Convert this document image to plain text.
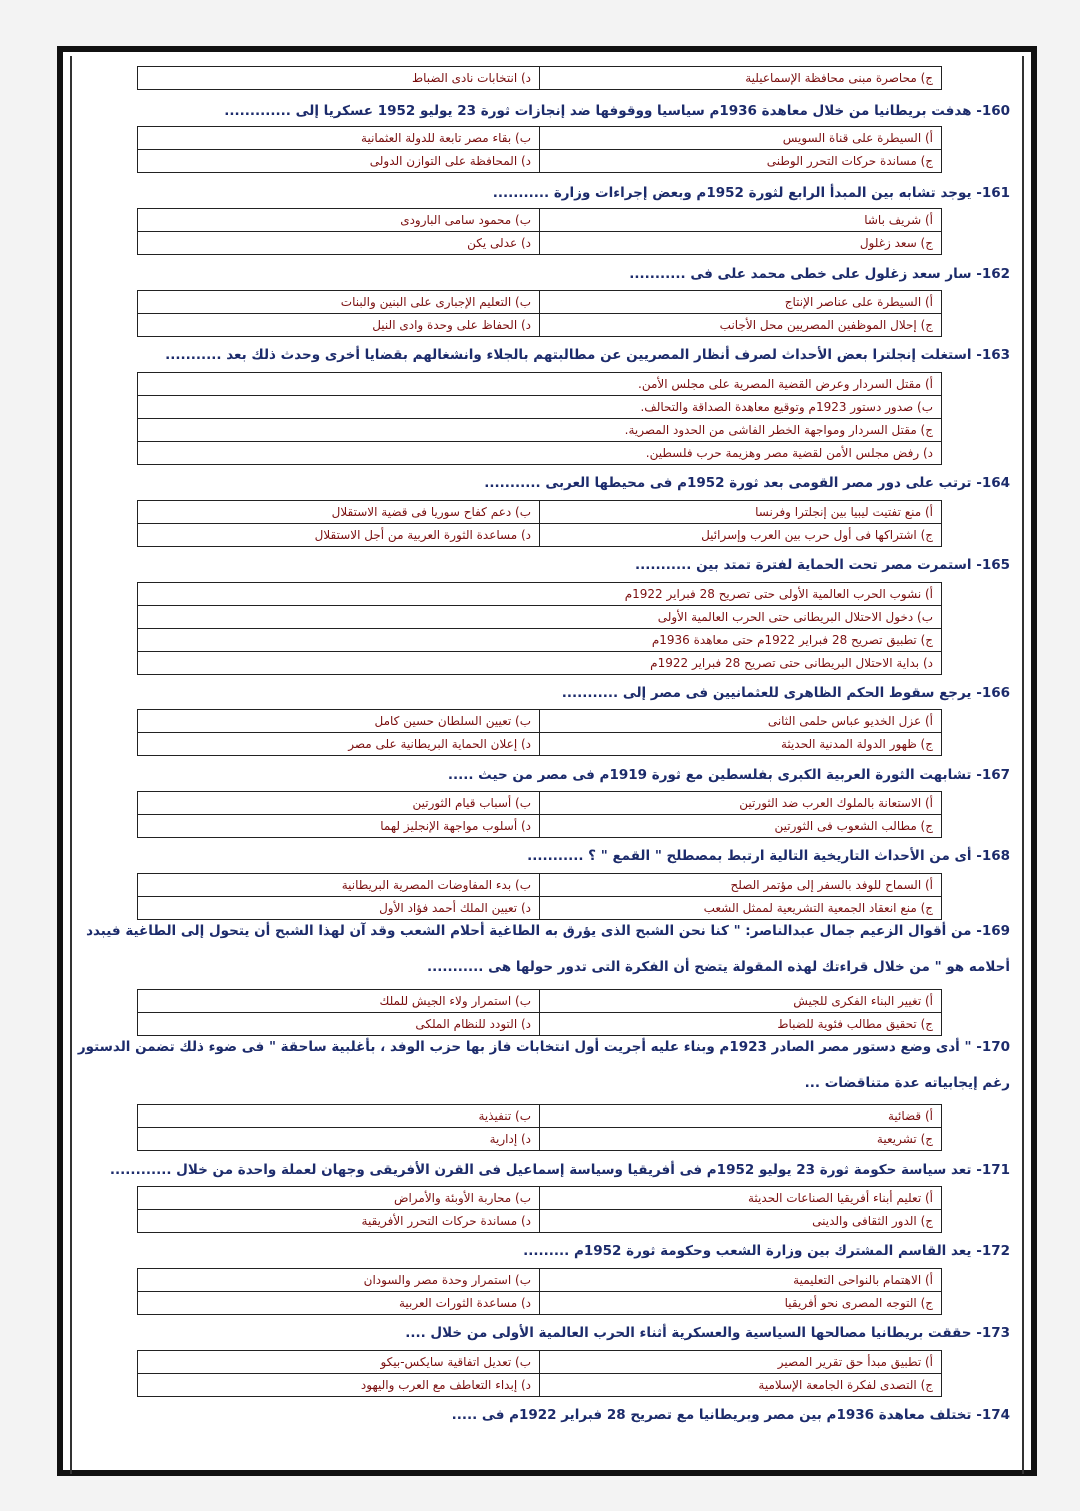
ج) محاصرة مبنى محافظة الإسماعيلية	د) انتخابات نادى الضباط
160- هدفت بريطانيا من خلال معاهدة 1936م سياسيا ووقوفها ضد إنجازات ثورة 23 يوليو 1952 عسكريا إلى .............
أ) السيطرة على قناة السويس	ب) بقاء مصر تابعة للدولة العثمانية
ج) مساندة حركات التحرر الوطنى	د) المحافظة على التوازن الدولى
161- يوجد تشابه بين المبدأ الرابع لثورة 1952م وبعض إجراءات وزارة ...........
أ) شريف باشا	ب) محمود سامى البارودى
ج) سعد زغلول	د) عدلى يكن
162- سار سعد زغلول على خطى محمد على فى ...........
أ) السيطرة على عناصر الإنتاج	ب) التعليم الإجبارى على البنين والبنات
ج) إحلال الموظفين المصريين محل الأجانب	د) الحفاظ على وحدة وادى النيل
163- استغلت إنجلترا بعض الأحداث لصرف أنظار المصريين عن مطالبتهم بالجلاء وانشغالهم بقضايا أخرى وحدث ذلك بعد ...........
أ) مقتل السردار وعرض القضية المصرية على مجلس الأمن.
ب) صدور دستور 1923م وتوقيع معاهدة الصداقة والتحالف.
ج) مقتل السردار ومواجهة الخطر الفاشى من الحدود المصرية.
د) رفض مجلس الأمن لقضية مصر وهزيمة حرب فلسطين.
164- ترتب على دور مصر القومى بعد ثورة 1952م فى محيطها العربى ...........
أ) منع تفتيت ليبيا بين إنجلترا وفرنسا	ب) دعم كفاح سوريا فى قضية الاستقلال
ج) اشتراكها فى أول حرب بين العرب وإسرائيل	د) مساعدة الثورة العربية من أجل الاستقلال
165- استمرت مصر تحت الحماية لفترة تمتد بين ...........
أ) نشوب الحرب العالمية الأولى حتى تصريح 28 فبراير 1922م
ب) دخول الاحتلال البريطانى حتى الحرب العالمية الأولى
ج) تطبيق تصريح 28 فبراير 1922م حتى معاهدة 1936م
د) بداية الاحتلال البريطانى حتى تصريح 28 فبراير 1922م
166- يرجع سقوط الحكم الظاهرى للعثمانيين فى مصر إلى ...........
أ) عزل الخديو عباس حلمى الثانى	ب) تعيين السلطان حسين كامل
ج) ظهور الدولة المدنية الحديثة	د) إعلان الحماية البريطانية على مصر
167- تشابهت الثورة العربية الكبرى بفلسطين مع ثورة 1919م فى مصر من حيث .....
أ) الاستعانة بالملوك العرب ضد الثورتين	ب) أسباب قيام الثورتين
ج) مطالب الشعوب فى الثورتين	د) أسلوب مواجهة الإنجليز لهما
168- أى من الأحداث التاريخية التالية ارتبط بمصطلح " القمع " ؟ ...........
أ) السماح للوفد بالسفر إلى مؤتمر الصلح	ب) بدء المفاوضات المصرية البريطانية
ج) منع انعقاد الجمعية التشريعية لممثل الشعب	د) تعيين الملك أحمد فؤاد الأول
169- من أقوال الزعيم جمال عبدالناصر: " كنا نحن الشبح الذى يؤرق به الطاغية أحلام الشعب وقد آن لهذا الشبح أن يتحول إلى الطاغية فيبدد أحلامه هو " من خلال قراءتك لهذه المقولة يتضح أن الفكرة التى تدور حولها هى ...........
أ) تغيير البناء الفكرى للجيش	ب) استمرار ولاء الجيش للملك
ج) تحقيق مطالب فئوية للضباط	د) التودد للنظام الملكى
170- " أدى وضع دستور مصر الصادر 1923م وبناء عليه أجريت أول انتخابات فاز بها حزب الوفد ، بأغلبية ساحقة " فى ضوء ذلك تضمن الدستور رغم إيجابياته عدة متناقضات ...
أ) قضائية	ب) تنفيذية
ج) تشريعية	د) إدارية
171- تعد سياسة حكومة ثورة 23 يوليو 1952م فى أفريقيا وسياسة إسماعيل فى القرن الأفريقى وجهان لعملة واحدة من خلال ............
أ) تعليم أبناء أفريقيا الصناعات الحديثة	ب) محاربة الأوبئة والأمراض
ج) الدور الثقافى والدينى	د) مساندة حركات التحرر الأفريقية
172- يعد القاسم المشترك بين وزارة الشعب وحكومة ثورة 1952م .........
أ) الاهتمام بالنواحى التعليمية	ب) استمرار وحدة مصر والسودان
ج) التوجه المصرى نحو أفريقيا	د) مساعدة الثورات العربية
173- حققت بريطانيا مصالحها السياسية والعسكرية أثناء الحرب العالمية الأولى من خلال ....
أ) تطبيق مبدأ حق تقرير المصير	ب) تعديل اتفاقية سايكس-بيكو
ج) التصدى لفكرة الجامعة الإسلامية	د) إبداء التعاطف مع العرب واليهود
174- تختلف معاهدة 1936م بين مصر وبريطانيا مع تصريح 28 فبراير 1922م فى .....
